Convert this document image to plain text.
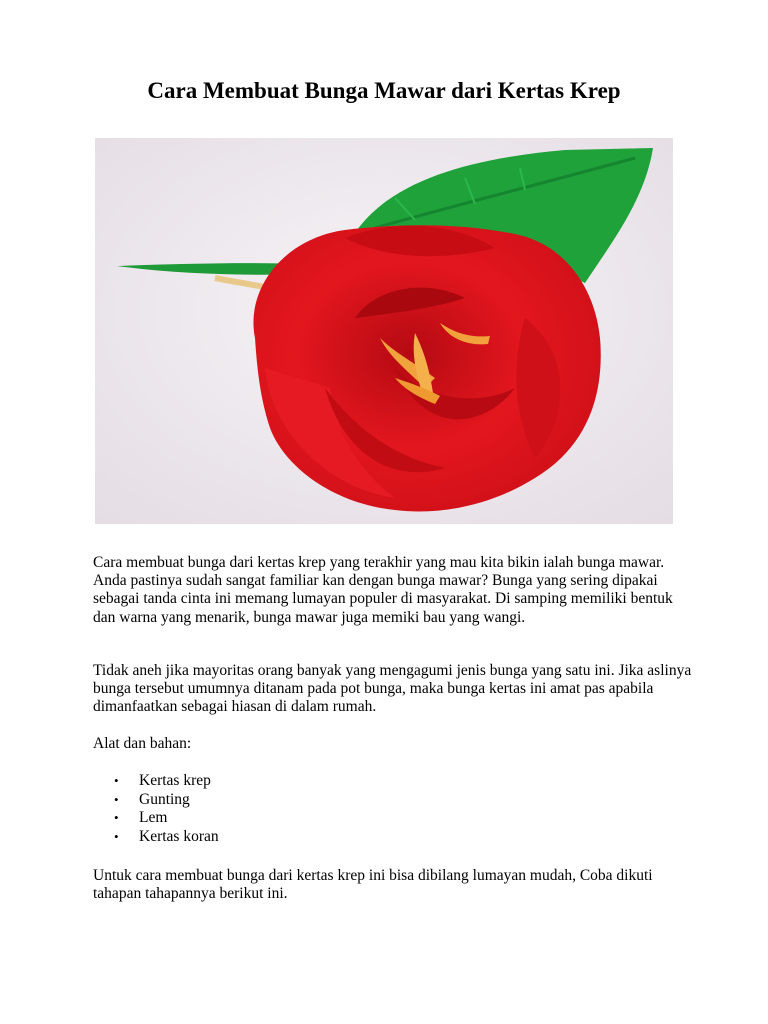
Cara Membuat Bunga Mawar dari Kertas Krep

Cara membuat bunga dari kertas krep yang terakhir yang mau kita bikin ialah bunga mawar. Anda pastinya sudah sangat familiar kan dengan bunga mawar? Bunga yang sering dipakai sebagai tanda cinta ini memang lumayan populer di masyarakat. Di samping memiliki bentuk dan warna yang menarik, bunga mawar juga memiki bau yang wangi.

Tidak aneh jika mayoritas orang banyak yang mengagumi jenis bunga yang satu ini. Jika aslinya bunga tersebut umumnya ditanam pada pot bunga, maka bunga kertas ini amat pas apabila dimanfaatkan sebagai hiasan di dalam rumah.

Alat dan bahan:

• Kertas krep
• Gunting
• Lem
• Kertas koran

Untuk cara membuat bunga dari kertas krep ini bisa dibilang lumayan mudah, Coba dikuti tahapan tahapannya berikut ini.
